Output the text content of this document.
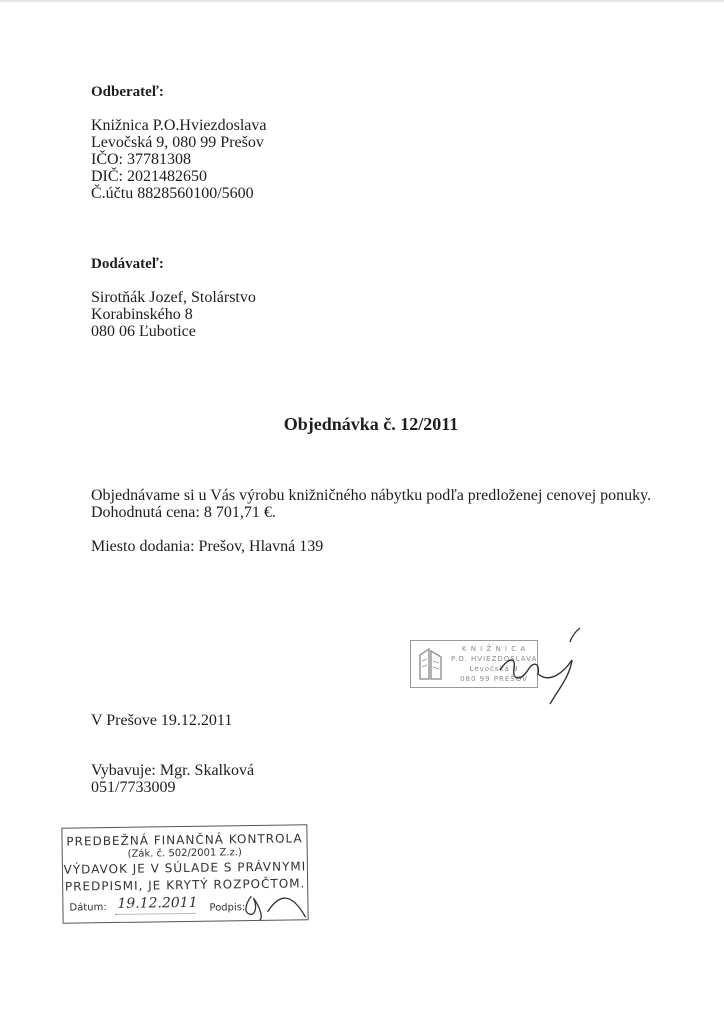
Odberateľ:
Knižnica P.O.Hviezdoslava
Levočská 9, 080 99 Prešov
IČO: 37781308
DIČ: 2021482650
Č.účtu 8828560100/5600
Dodávateľ:
Sirotňák Jozef, Stolárstvo
Korabinského 8
080 06 Ľubotice
Objednávka č. 12/2011
Objednávame si u Vás výrobu knižničného nábytku podľa predloženej cenovej ponuky.
Dohodnutá cena: 8 701,71 €.
Miesto dodania: Prešov, Hlavná 139
K N I Ž N I C A
P.O. HVIEZDOSLAVA
Levočská 9
080 99 PREŠOV
V Prešove 19.12.2011
Vybavuje: Mgr. Skalková
051/7733009
PREDBEŽNÁ FINANČNÁ KONTROLA
(Zák. č. 502/2001 Z.z.)
VÝDAVOK JE V SÚLADE S PRÁVNYMI
PREDPISMI, JE KRYTÝ ROZPOČTOM.
Dátum: 19.12.2011 Podpis:
